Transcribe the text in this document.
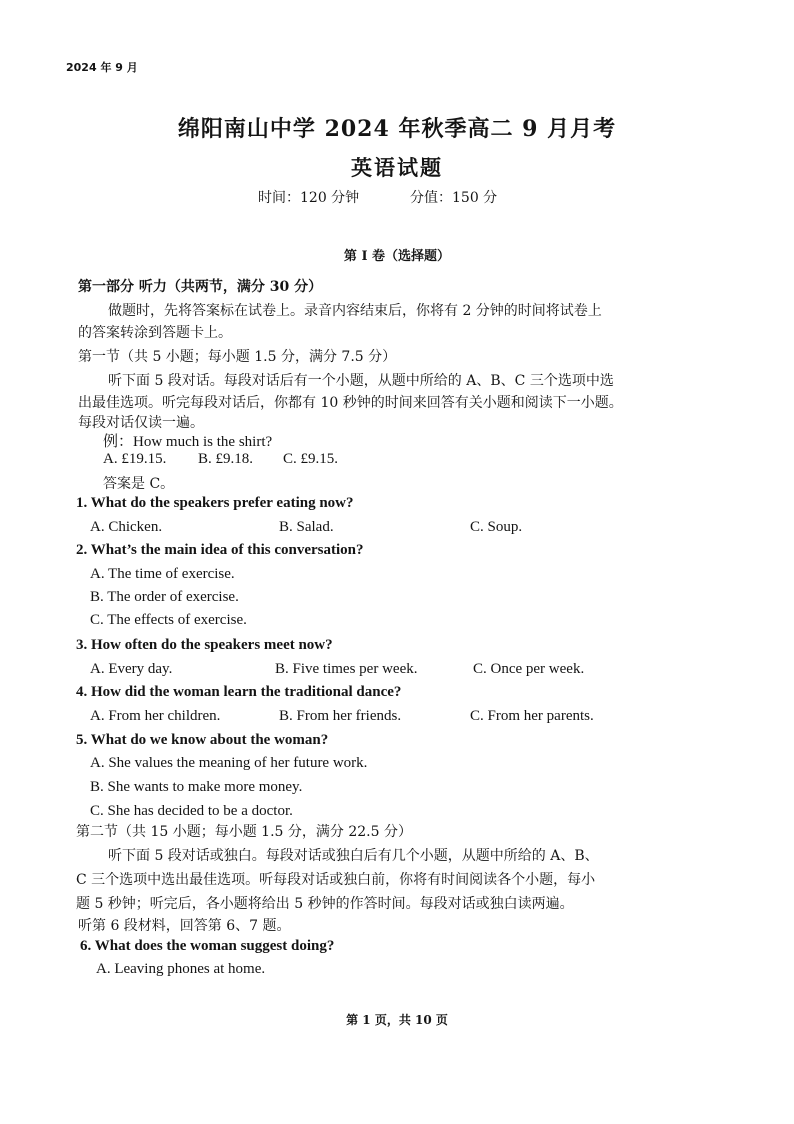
2024 年 9 月
绵阳南山中学 2024 年秋季高二 9 月月考
英语试题
时间：120 分钟	分值：150 分
第 I 卷（选择题）
第一部分 听力（共两节，满分 30 分）
做题时，先将答案标在试卷上。录音内容结束后，你将有 2 分钟的时间将试卷上
的答案转涂到答题卡上。
第一节（共 5 小题；每小题 1.5 分，满分 7.5 分）
听下面 5 段对话。每段对话后有一个小题，从题中所给的 A、B、C 三个选项中选
出最佳选项。听完每段对话后，你都有 10 秒钟的时间来回答有关小题和阅读下一小题。
每段对话仅读一遍。
例：How much is the shirt?
A. £19.15. B. £9.18. C. £9.15.
答案是 C。
1. What do the speakers prefer eating now?
A. Chicken.	B. Salad.	C. Soup.
2. What’s the main idea of this conversation?
A. The time of exercise.
B. The order of exercise.
C. The effects of exercise.
3. How often do the speakers meet now?
A. Every day.	B. Five times per week.	C. Once per week.
4. How did the woman learn the traditional dance?
A. From her children.	B. From her friends.	C. From her parents.
5. What do we know about the woman?
A. She values the meaning of her future work.
B. She wants to make more money.
C. She has decided to be a doctor.
第二节（共 15 小题；每小题 1.5 分，满分 22.5 分）
听下面 5 段对话或独白。每段对话或独白后有几个小题，从题中所给的 A、B、
C 三个选项中选出最佳选项。听每段对话或独白前，你将有时间阅读各个小题，每小
题 5 秒钟；听完后，各小题将给出 5 秒钟的作答时间。每段对话或独白读两遍。
听第 6 段材料，回答第 6、7 题。
6. What does the woman suggest doing?
A. Leaving phones at home.
第 1 页，共 10 页
